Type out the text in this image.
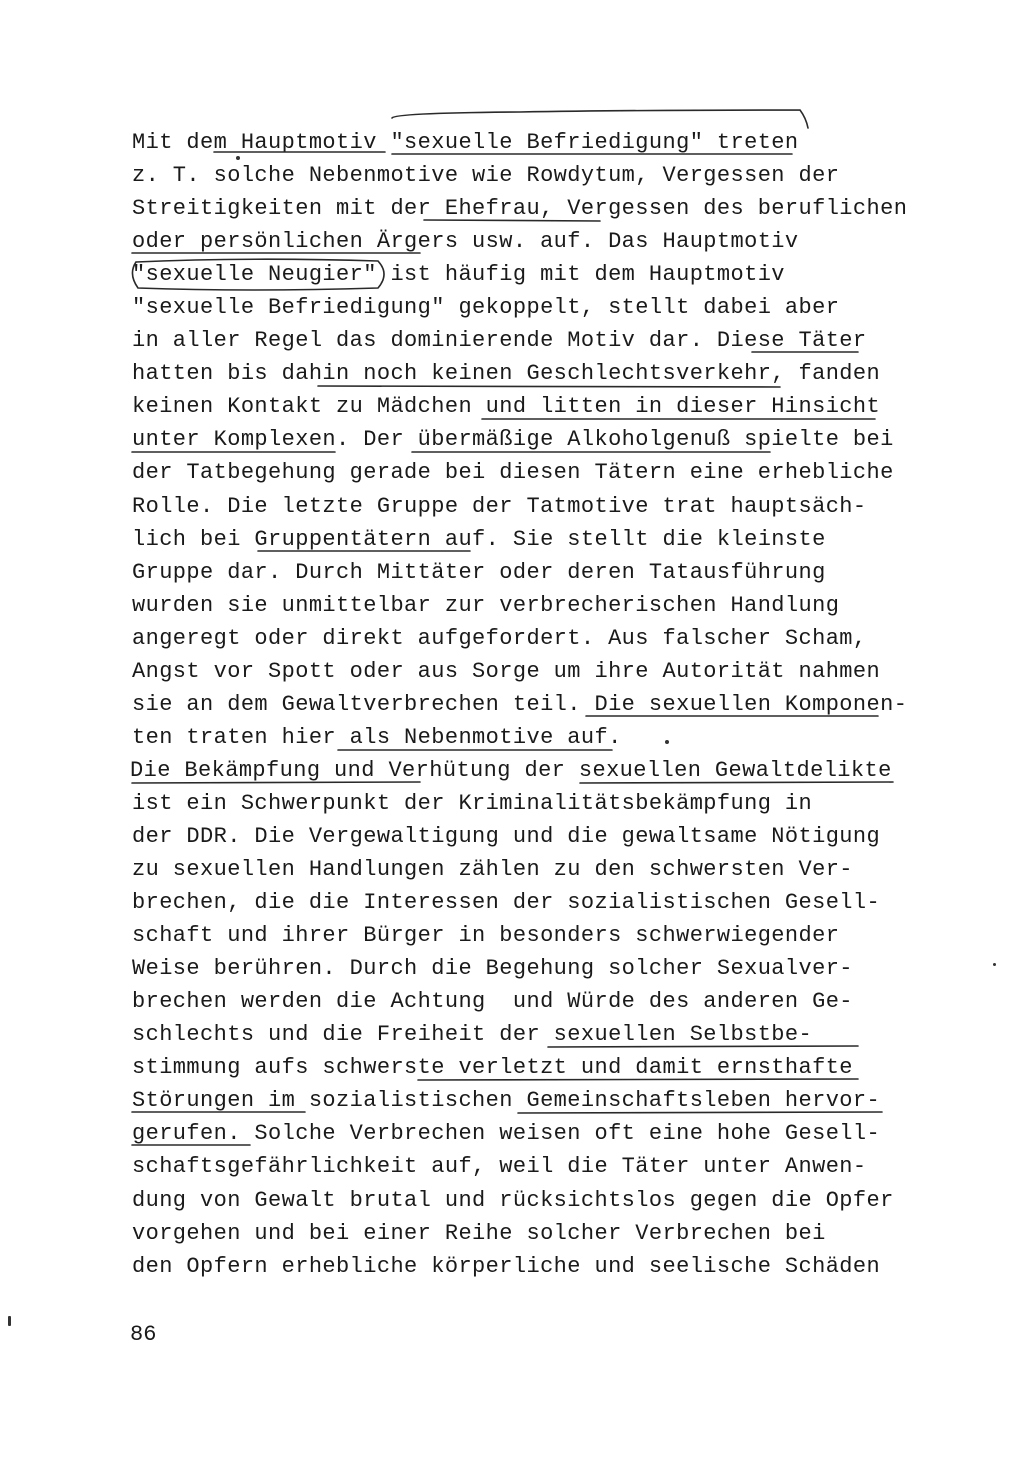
Mit dem Hauptmotiv "sexuelle Befriedigung" treten
z. T. solche Nebenmotive wie Rowdytum, Vergessen der
Streitigkeiten mit der Ehefrau, Vergessen des beruflichen
oder persönlichen Ärgers usw. auf. Das Hauptmotiv
"sexuelle Neugier" ist häufig mit dem Hauptmotiv
"sexuelle Befriedigung" gekoppelt, stellt dabei aber
in aller Regel das dominierende Motiv dar. Diese Täter
hatten bis dahin noch keinen Geschlechtsverkehr, fanden
keinen Kontakt zu Mädchen und litten in dieser Hinsicht
unter Komplexen. Der übermäßige Alkoholgenuß spielte bei
der Tatbegehung gerade bei diesen Tätern eine erhebliche
Rolle. Die letzte Gruppe der Tatmotive trat hauptsäch-
lich bei Gruppentätern auf. Sie stellt die kleinste
Gruppe dar. Durch Mittäter oder deren Tatausführung
wurden sie unmittelbar zur verbrecherischen Handlung
angeregt oder direkt aufgefordert. Aus falscher Scham,
Angst vor Spott oder aus Sorge um ihre Autorität nahmen
sie an dem Gewaltverbrechen teil. Die sexuellen Komponen-
ten traten hier als Nebenmotive auf.
Die Bekämpfung und Verhütung der sexuellen Gewaltdelikte
ist ein Schwerpunkt der Kriminalitätsbekämpfung in
der DDR. Die Vergewaltigung und die gewaltsame Nötigung
zu sexuellen Handlungen zählen zu den schwersten Ver-
brechen, die die Interessen der sozialistischen Gesell-
schaft und ihrer Bürger in besonders schwerwiegender
Weise berühren. Durch die Begehung solcher Sexualver-
brechen werden die Achtung  und Würde des anderen Ge-
schlechts und die Freiheit der sexuellen Selbstbe-
stimmung aufs schwerste verletzt und damit ernsthafte
Störungen im sozialistischen Gemeinschaftsleben hervor-
gerufen. Solche Verbrechen weisen oft eine hohe Gesell-
schaftsgefährlichkeit auf, weil die Täter unter Anwen-
dung von Gewalt brutal und rücksichtslos gegen die Opfer
vorgehen und bei einer Reihe solcher Verbrechen bei
den Opfern erhebliche körperliche und seelische Schäden
86
